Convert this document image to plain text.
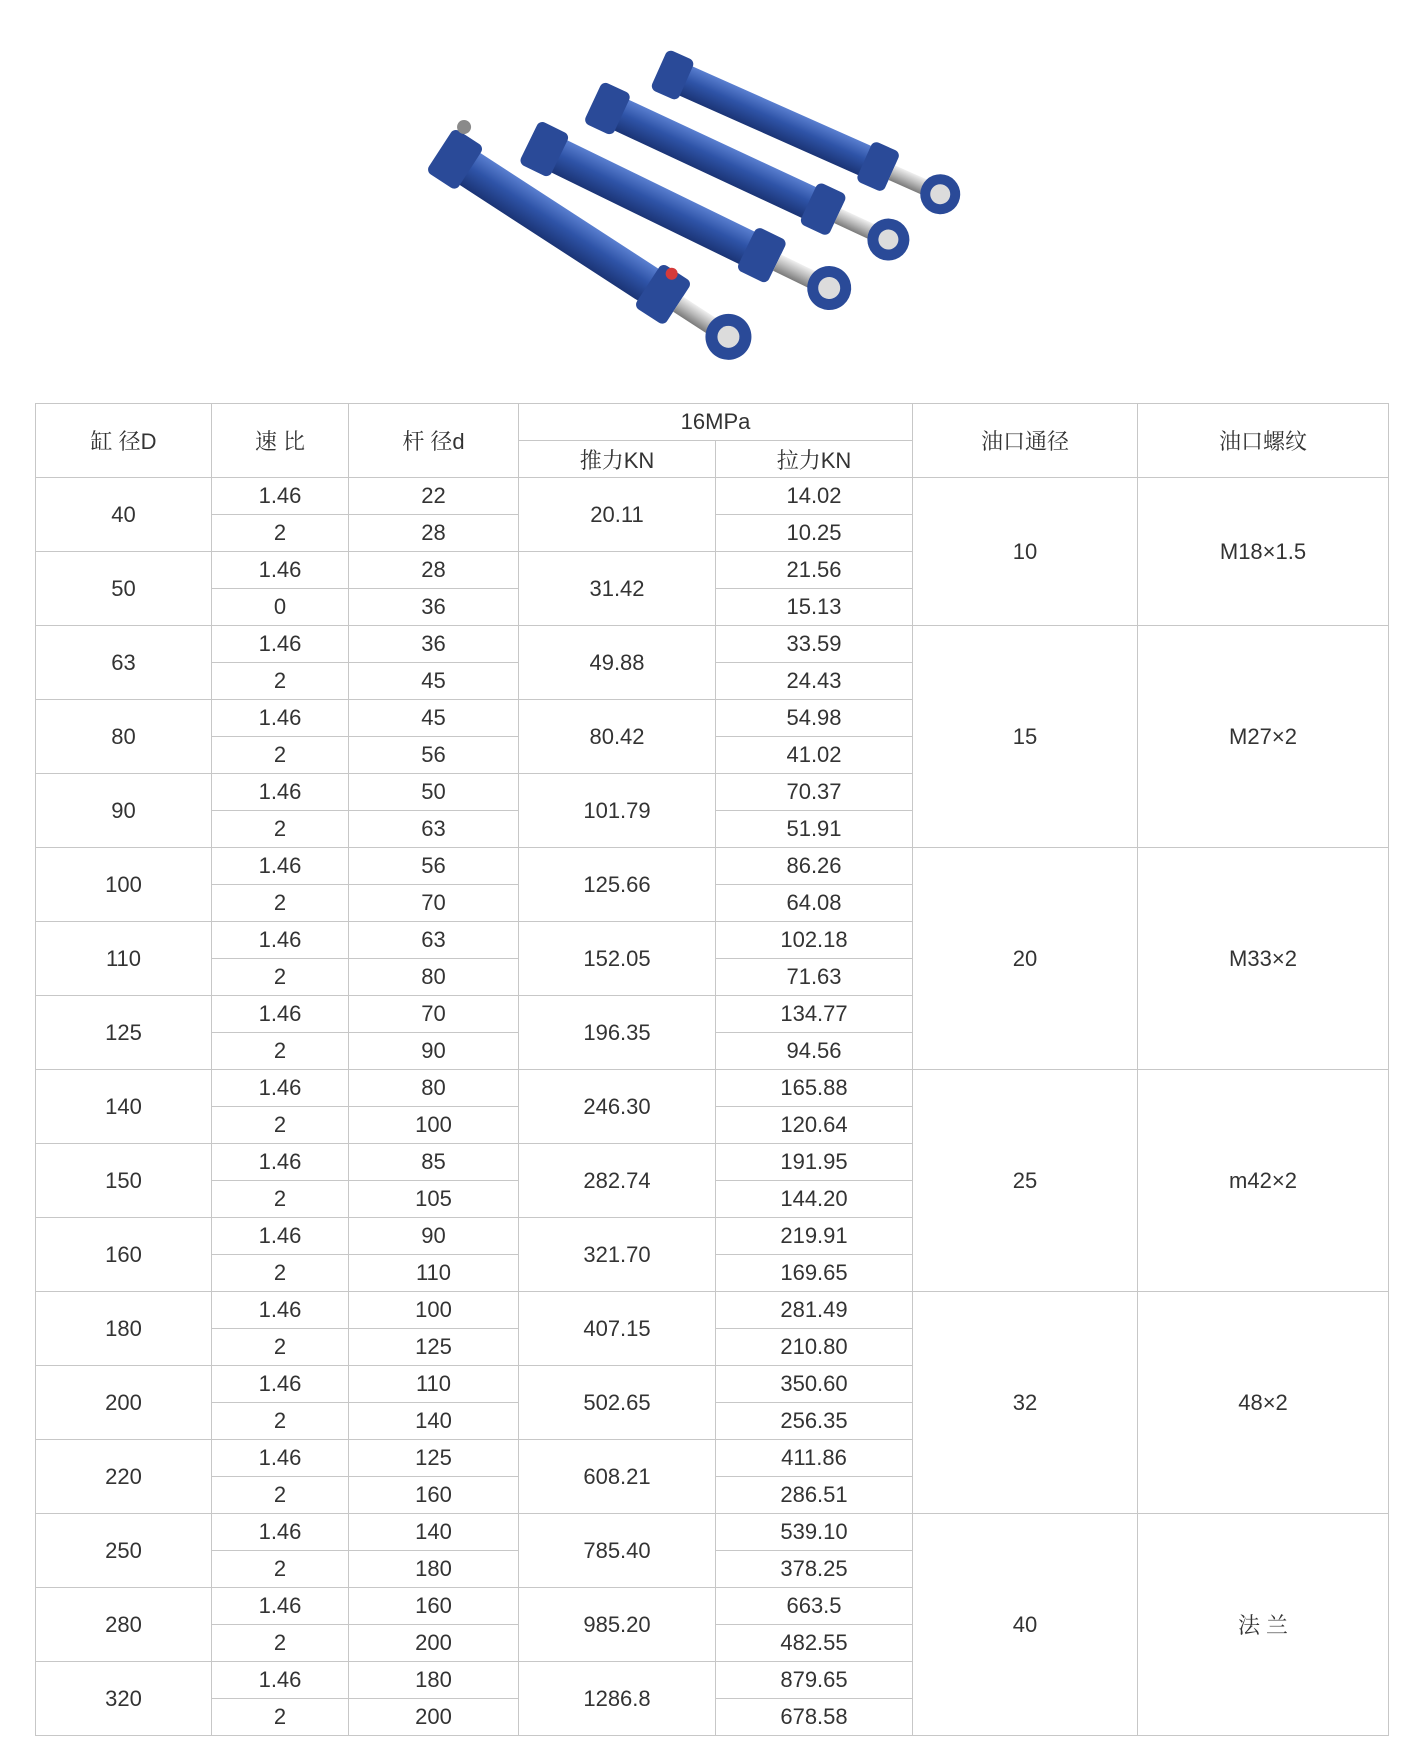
缸 径D	速 比	杆 径d	16MPa		油口通径	油口螺纹
			推力KN	拉力KN		
40	1.46	22	20.11	14.02	10	M18×1.5
	2	28		10.25		
50	1.46	28	31.42	21.56		
	0	36		15.13		
63	1.46	36	49.88	33.59	15	M27×2
	2	45		24.43		
80	1.46	45	80.42	54.98		
	2	56		41.02		
90	1.46	50	101.79	70.37		
	2	63		51.91		
100	1.46	56	125.66	86.26	20	M33×2
	2	70		64.08		
110	1.46	63	152.05	102.18		
	2	80		71.63		
125	1.46	70	196.35	134.77		
	2	90		94.56		
140	1.46	80	246.30	165.88	25	m42×2
	2	100		120.64		
150	1.46	85	282.74	191.95		
	2	105		144.20		
160	1.46	90	321.70	219.91		
	2	110		169.65		
180	1.46	100	407.15	281.49	32	48×2
	2	125		210.80		
200	1.46	110	502.65	350.60		
	2	140		256.35		
220	1.46	125	608.21	411.86		
	2	160		286.51		
250	1.46	140	785.40	539.10	40	法 兰
	2	180		378.25		
280	1.46	160	985.20	663.5		
	2	200		482.55		
320	1.46	180	1286.8	879.65		
	2	200		678.58		
